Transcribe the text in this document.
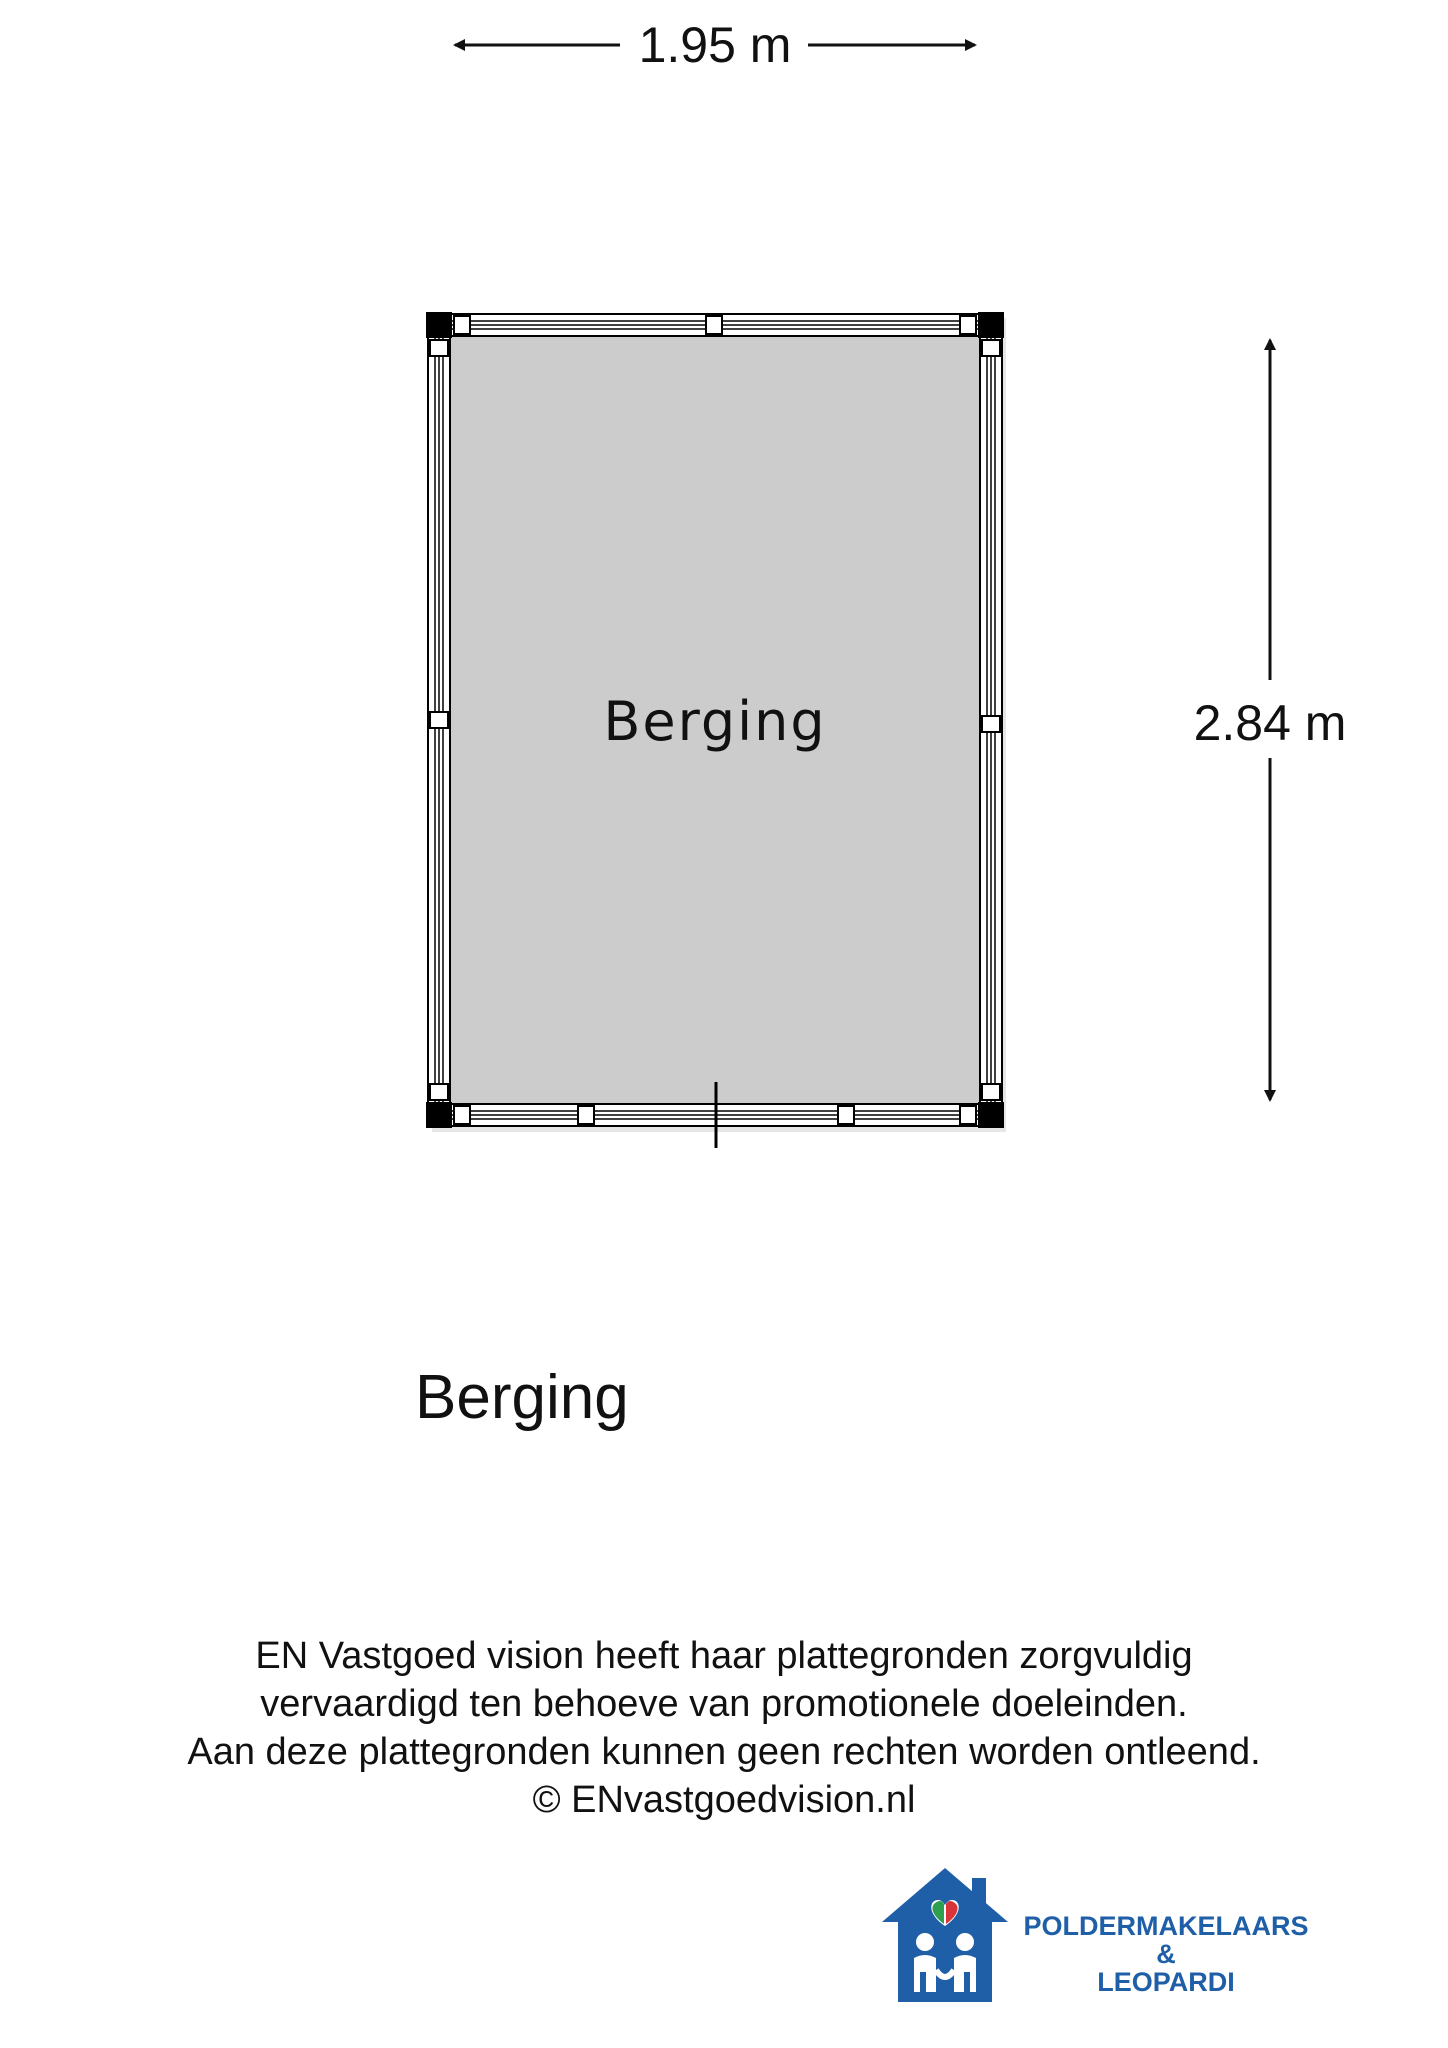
1.95 m
2.84 m
Berging
Berging
EN Vastgoed vision heeft haar plattegronden zorgvuldig
vervaardigd ten behoeve van promotionele doeleinden.
Aan deze plattegronden kunnen geen rechten worden ontleend.
© ENvastgoedvision.nl
POLDERMAKELAARS
&
LEOPARDI
